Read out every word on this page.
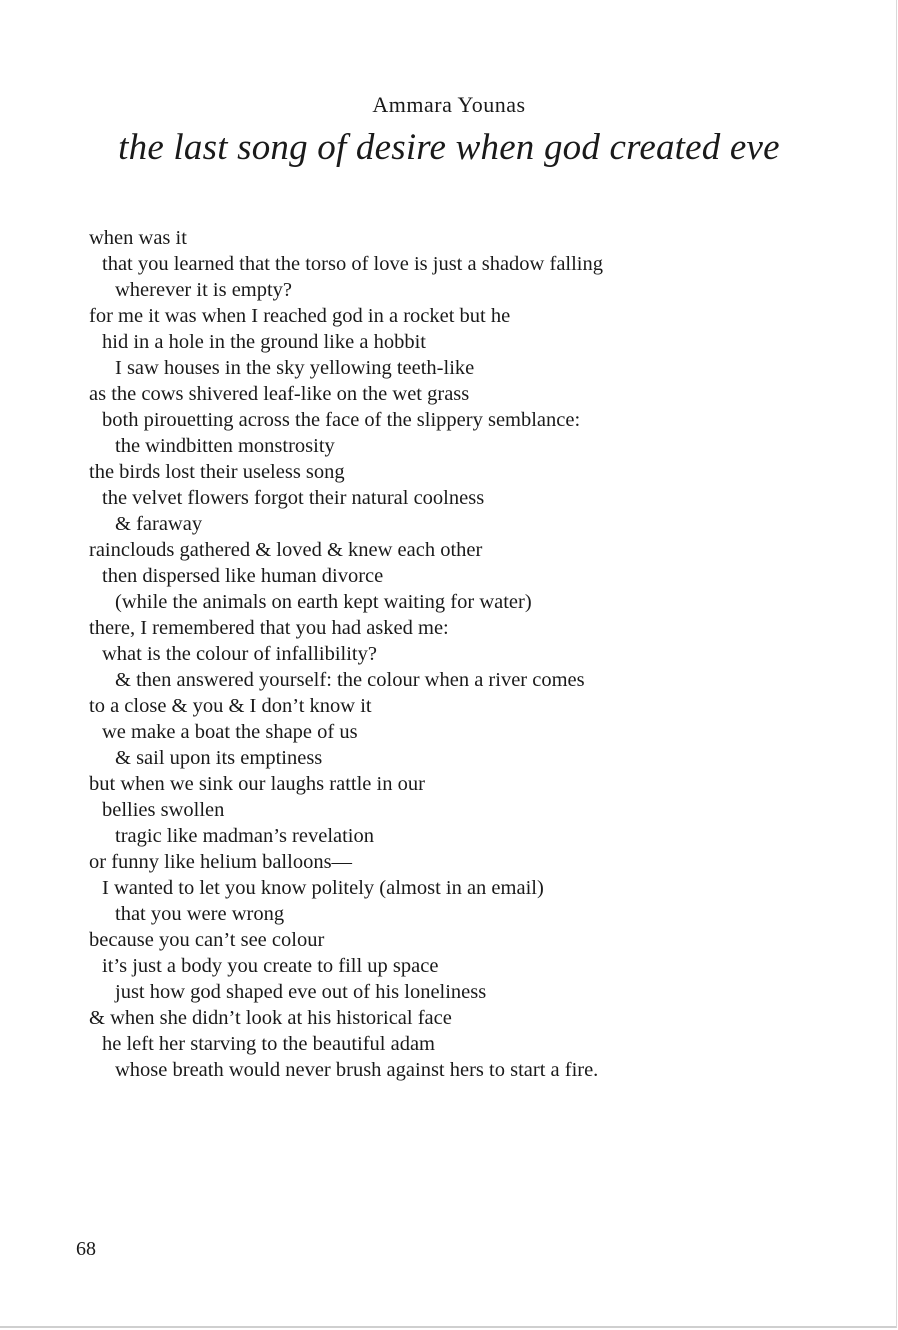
Ammara Younas
the last song of desire when god created eve
when was it
that you learned that the torso of love is just a shadow falling
wherever it is empty?
for me it was when I reached god in a rocket but he
hid in a hole in the ground like a hobbit
I saw houses in the sky yellowing teeth-like
as the cows shivered leaf-like on the wet grass
both pirouetting across the face of the slippery semblance:
the windbitten monstrosity
the birds lost their useless song
the velvet flowers forgot their natural coolness
& faraway
rainclouds gathered & loved & knew each other
then dispersed like human divorce
(while the animals on earth kept waiting for water)
there, I remembered that you had asked me:
what is the colour of infallibility?
& then answered yourself: the colour when a river comes
to a close & you & I don’t know it
we make a boat the shape of us
& sail upon its emptiness
but when we sink our laughs rattle in our
bellies swollen
tragic like madman’s revelation
or funny like helium balloons—
I wanted to let you know politely (almost in an email)
that you were wrong
because you can’t see colour
it’s just a body you create to fill up space
just how god shaped eve out of his loneliness
& when she didn’t look at his historical face
he left her starving to the beautiful adam
whose breath would never brush against hers to start a fire.
68
